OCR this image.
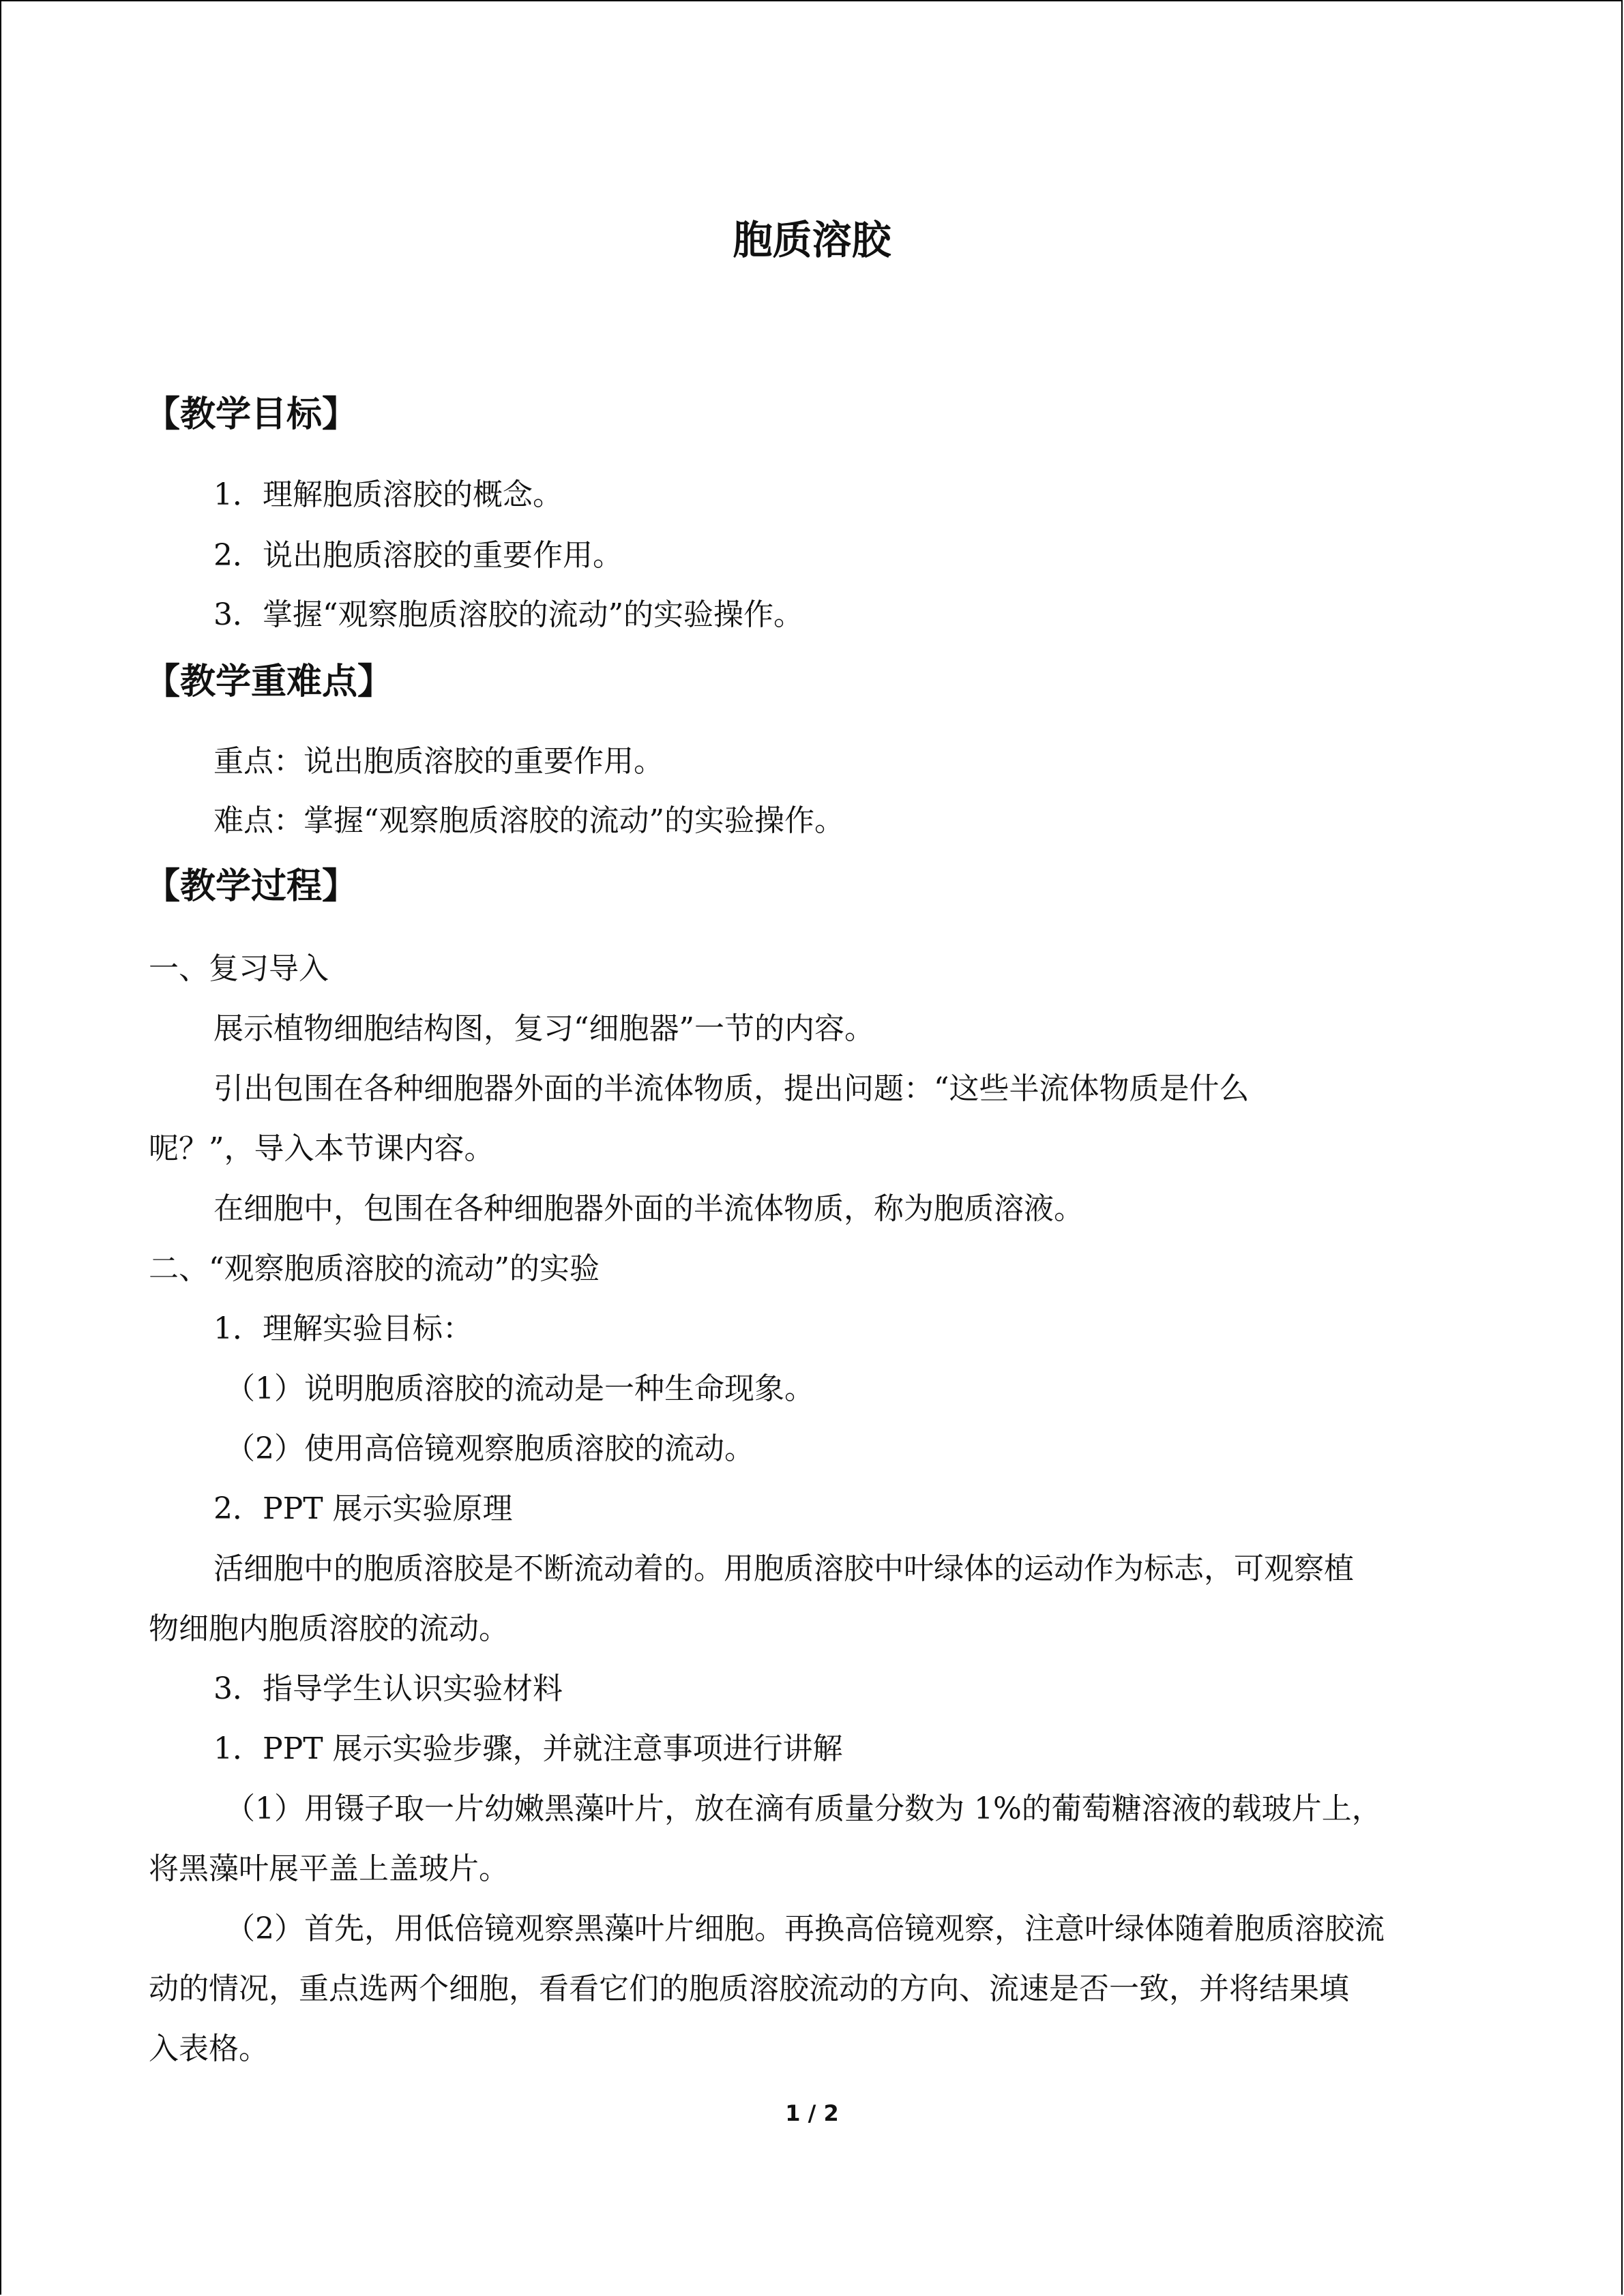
胞质溶胶
【教学目标】
1．理解胞质溶胶的概念。
2．说出胞质溶胶的重要作用。
3．掌握“观察胞质溶胶的流动”的实验操作。
【教学重难点】
重点：说出胞质溶胶的重要作用。
难点：掌握“观察胞质溶胶的流动”的实验操作。
【教学过程】
一、复习导入
展示植物细胞结构图，复习“细胞器”一节的内容。
引出包围在各种细胞器外面的半流体物质，提出问题：“这些半流体物质是什么
呢？”，导入本节课内容。
在细胞中，包围在各种细胞器外面的半流体物质，称为胞质溶液。
二、“观察胞质溶胶的流动”的实验
1．理解实验目标：
（1）说明胞质溶胶的流动是一种生命现象。
（2）使用高倍镜观察胞质溶胶的流动。
2．PPT 展示实验原理
活细胞中的胞质溶胶是不断流动着的。用胞质溶胶中叶绿体的运动作为标志，可观察植
物细胞内胞质溶胶的流动。
3．指导学生认识实验材料
1．PPT 展示实验步骤，并就注意事项进行讲解
（1）用镊子取一片幼嫩黑藻叶片，放在滴有质量分数为 1%的葡萄糖溶液的载玻片上，
将黑藻叶展平盖上盖玻片。
（2）首先，用低倍镜观察黑藻叶片细胞。再换高倍镜观察，注意叶绿体随着胞质溶胶流
动的情况，重点选两个细胞，看看它们的胞质溶胶流动的方向、流速是否一致，并将结果填
入表格。
1 / 2
